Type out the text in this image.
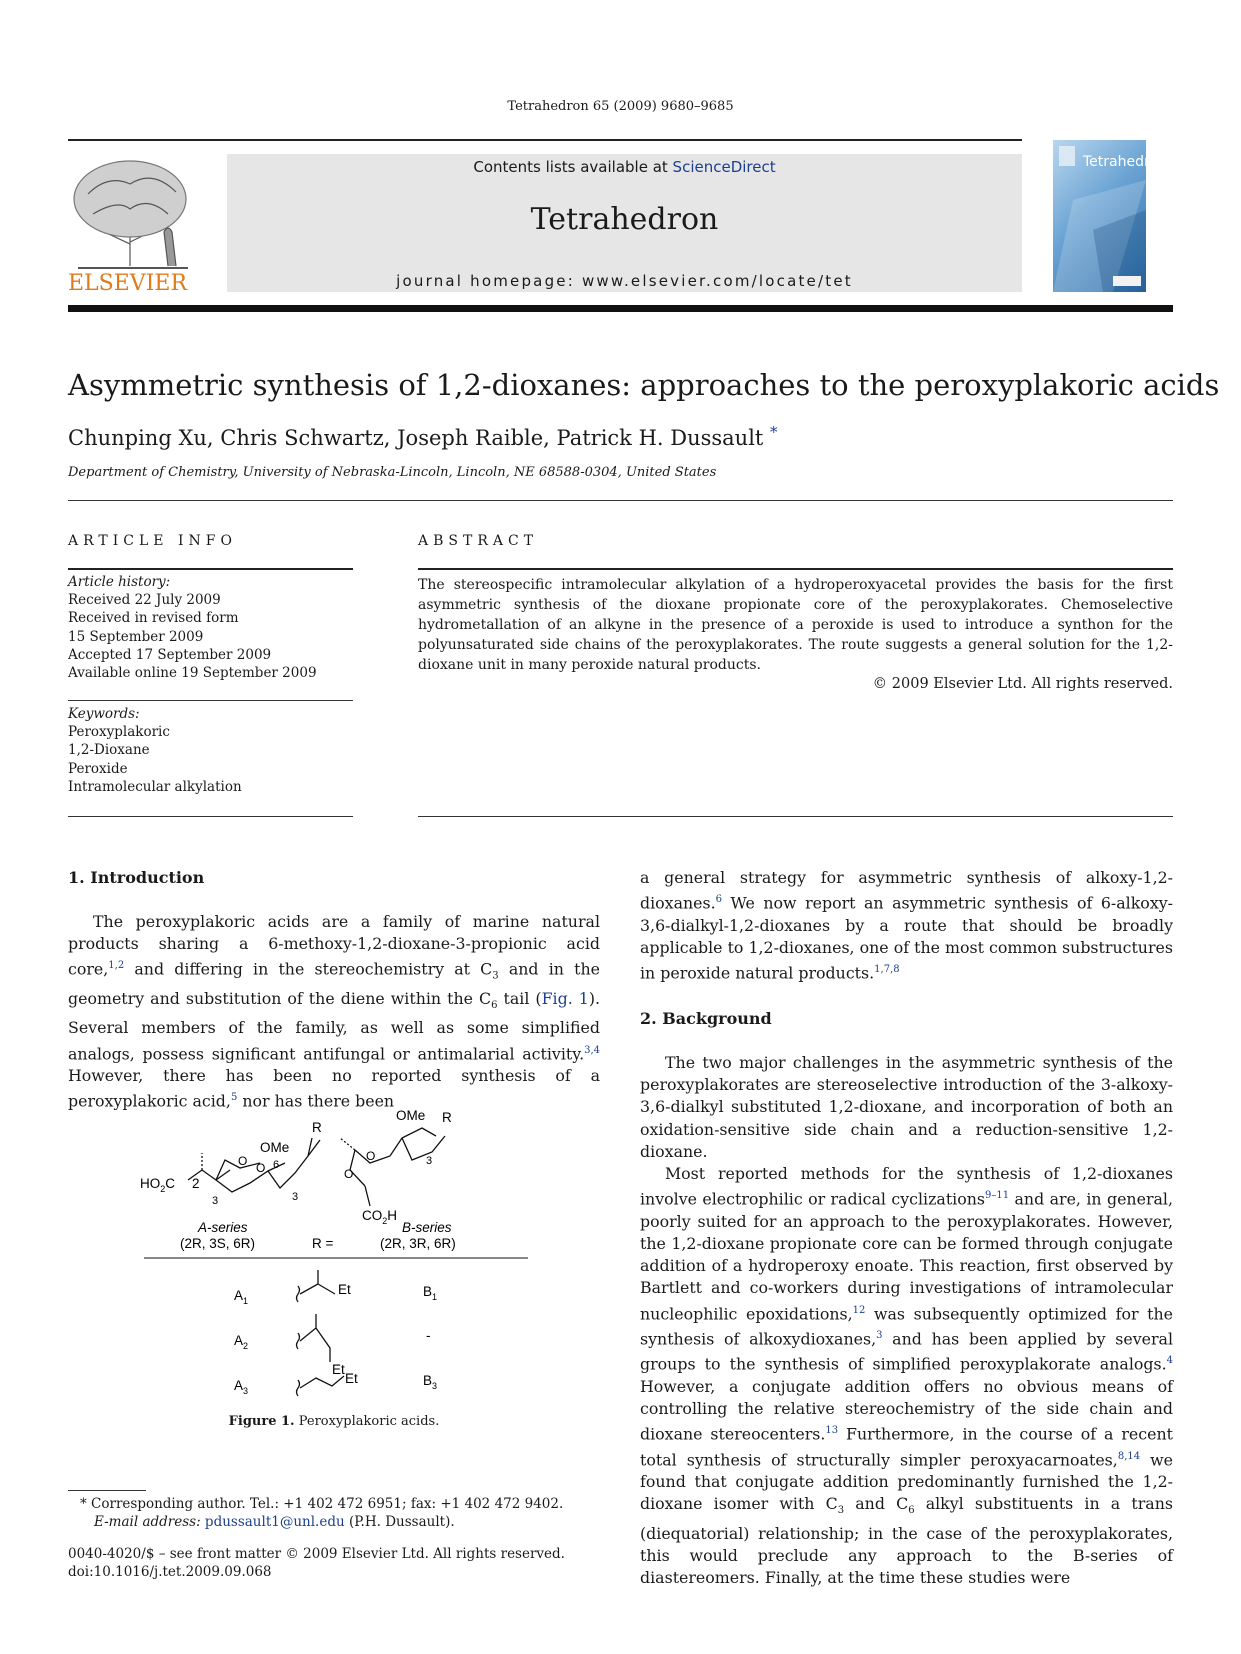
Tetrahedron 65 (2009) 9680–9685
ELSEVIER
Contents lists available at ScienceDirect
Tetrahedron
journal homepage: www.elsevier.com/locate/tet
Tetrahedron
Asymmetric synthesis of 1,2-dioxanes: approaches to the peroxyplakoric acids
Chunping Xu, Chris Schwartz, Joseph Raible, Patrick H. Dussault *
Department of Chemistry, University of Nebraska-Lincoln, Lincoln, NE 68588-0304, United States
ARTICLE INFO
Article history:
Received 22 July 2009
Received in revised form
15 September 2009
Accepted 17 September 2009
Available online 19 September 2009
Keywords:
Peroxyplakoric
1,2-Dioxane
Peroxide
Intramolecular alkylation
ABSTRACT
The stereospecific intramolecular alkylation of a hydroperoxyacetal provides the basis for the first asymmetric synthesis of the dioxane propionate core of the peroxyplakorates. Chemoselective hydrometallation of an alkyne in the presence of a peroxide is used to introduce a synthon for the polyunsaturated side chains of the peroxyplakorates. The route suggests a general solution for the 1,2-dioxane unit in many peroxide natural products.
© 2009 Elsevier Ltd. All rights reserved.
1. Introduction

The peroxyplakoric acids are a family of marine natural products sharing a 6-methoxy-1,2-dioxane-3-propionic acid core,$^{1,2}$ and differing in the stereochemistry at $C_3$ and in the geometry and substitution of the diene within the $C_6$ tail (Fig. 1). Several members of the family, as well as some simplified analogs, possess significant antifungal or antimalarial activity.$^{3,4}$ However, there has been no reported synthesis of a peroxyplakoric acid,$^5$ nor has there been

$HO_2C$ 2
3
O O
OMe
6
3
R
A-series
(2R, 3S, 6R)
O
O
OMe
3
R
$CO_2H$
B-series
(2R, 3R, 6R)
R =
$A_1$
$A_2$
$A_3$
$B_1$
-
$B_3$
Et
Et
Et
Figure 1. Peroxyplakoric acids.
* Corresponding author. Tel.: +1 402 472 6951; fax: +1 402 472 9402.
E-mail address: pdussault1@unl.edu (P.H. Dussault).
0040-4020/$ – see front matter © 2009 Elsevier Ltd. All rights reserved.
doi:10.1016/j.tet.2009.09.068

a general strategy for asymmetric synthesis of alkoxy-1,2-dioxanes.$^6$ We now report an asymmetric synthesis of 6-alkoxy-3,6-dialkyl-1,2-dioxanes by a route that should be broadly applicable to 1,2-dioxanes, one of the most common substructures in peroxide natural products.$^{1,7,8}$

2. Background

The two major challenges in the asymmetric synthesis of the peroxyplakorates are stereoselective introduction of the 3-alkoxy-3,6-dialkyl substituted 1,2-dioxane, and incorporation of both an oxidation-sensitive side chain and a reduction-sensitive 1,2-dioxane.

Most reported methods for the synthesis of 1,2-dioxanes involve electrophilic or radical cyclizations$^{9-11}$ and are, in general, poorly suited for an approach to the peroxyplakorates. However, the 1,2-dioxane propionate core can be formed through conjugate addition of a hydroperoxy enoate. This reaction, first observed by Bartlett and co-workers during investigations of intramolecular nucleophilic epoxidations,$^{12}$ was subsequently optimized for the synthesis of alkoxydioxanes,$^3$ and has been applied by several groups to the synthesis of simplified peroxyplakorate analogs.$^4$ However, a conjugate addition offers no obvious means of controlling the relative stereochemistry of the side chain and dioxane stereocenters.$^{13}$ Furthermore, in the course of a recent total synthesis of structurally simpler peroxyacarnoates,$^{8,14}$ we found that conjugate addition predominantly furnished the 1,2-dioxane isomer with $C_3$ and $C_6$ alkyl substituents in a trans (diequatorial) relationship; in the case of the peroxyplakorates, this would preclude any approach to the B-series of diastereomers. Finally, at the time these studies were
